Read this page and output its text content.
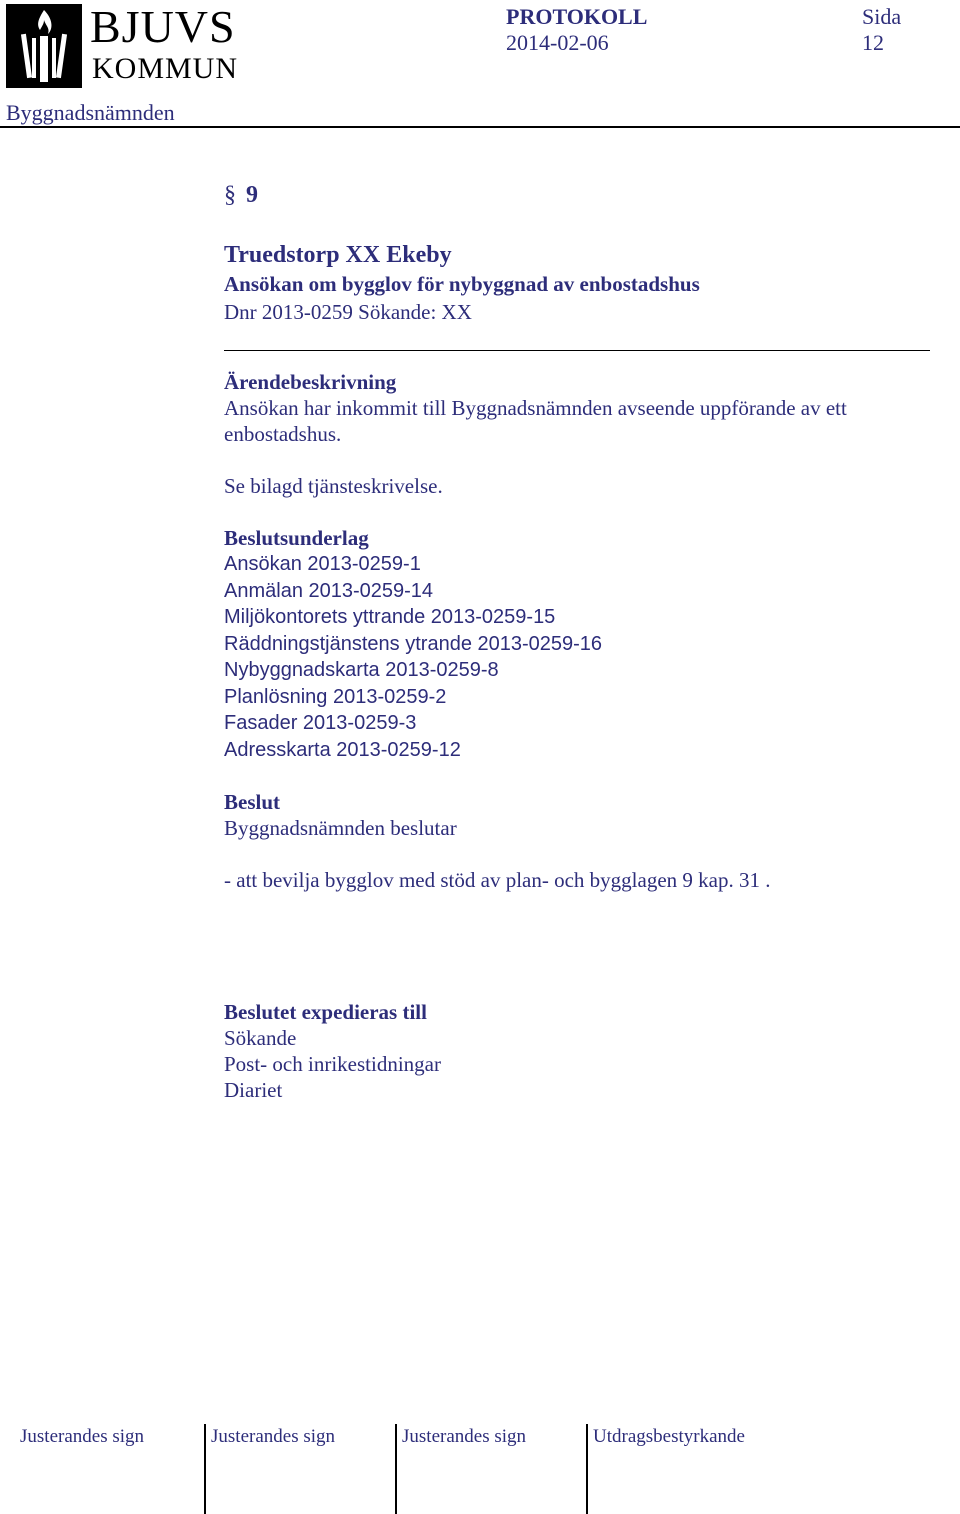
BJUVS
KOMMUN
PROTOKOLL
2014-02-06
Sida
12
Byggnadsnämnden
§ 9
Truedstorp XX Ekeby
Ansökan om bygglov för nybyggnad av enbostadshus
Dnr 2013-0259 Sökande: XX
Ärendebeskrivning
Ansökan har inkommit till Byggnadsnämnden avseende uppförande av ett
enbostadshus.
Se bilagd tjänsteskrivelse.
Beslutsunderlag
Ansökan 2013-0259-1
Anmälan 2013-0259-14
Miljökontorets yttrande 2013-0259-15
Räddningstjänstens ytrande 2013-0259-16
Nybyggnadskarta 2013-0259-8
Planlösning 2013-0259-2
Fasader 2013-0259-3
Adresskarta 2013-0259-12
Beslut
Byggnadsnämnden beslutar
- att bevilja bygglov med stöd av plan- och bygglagen 9 kap. 31 .
Beslutet expedieras till
Sökande
Post- och inrikestidningar
Diariet
Justerandes sign	Justerandes sign	Justerandes sign	Utdragsbestyrkande
